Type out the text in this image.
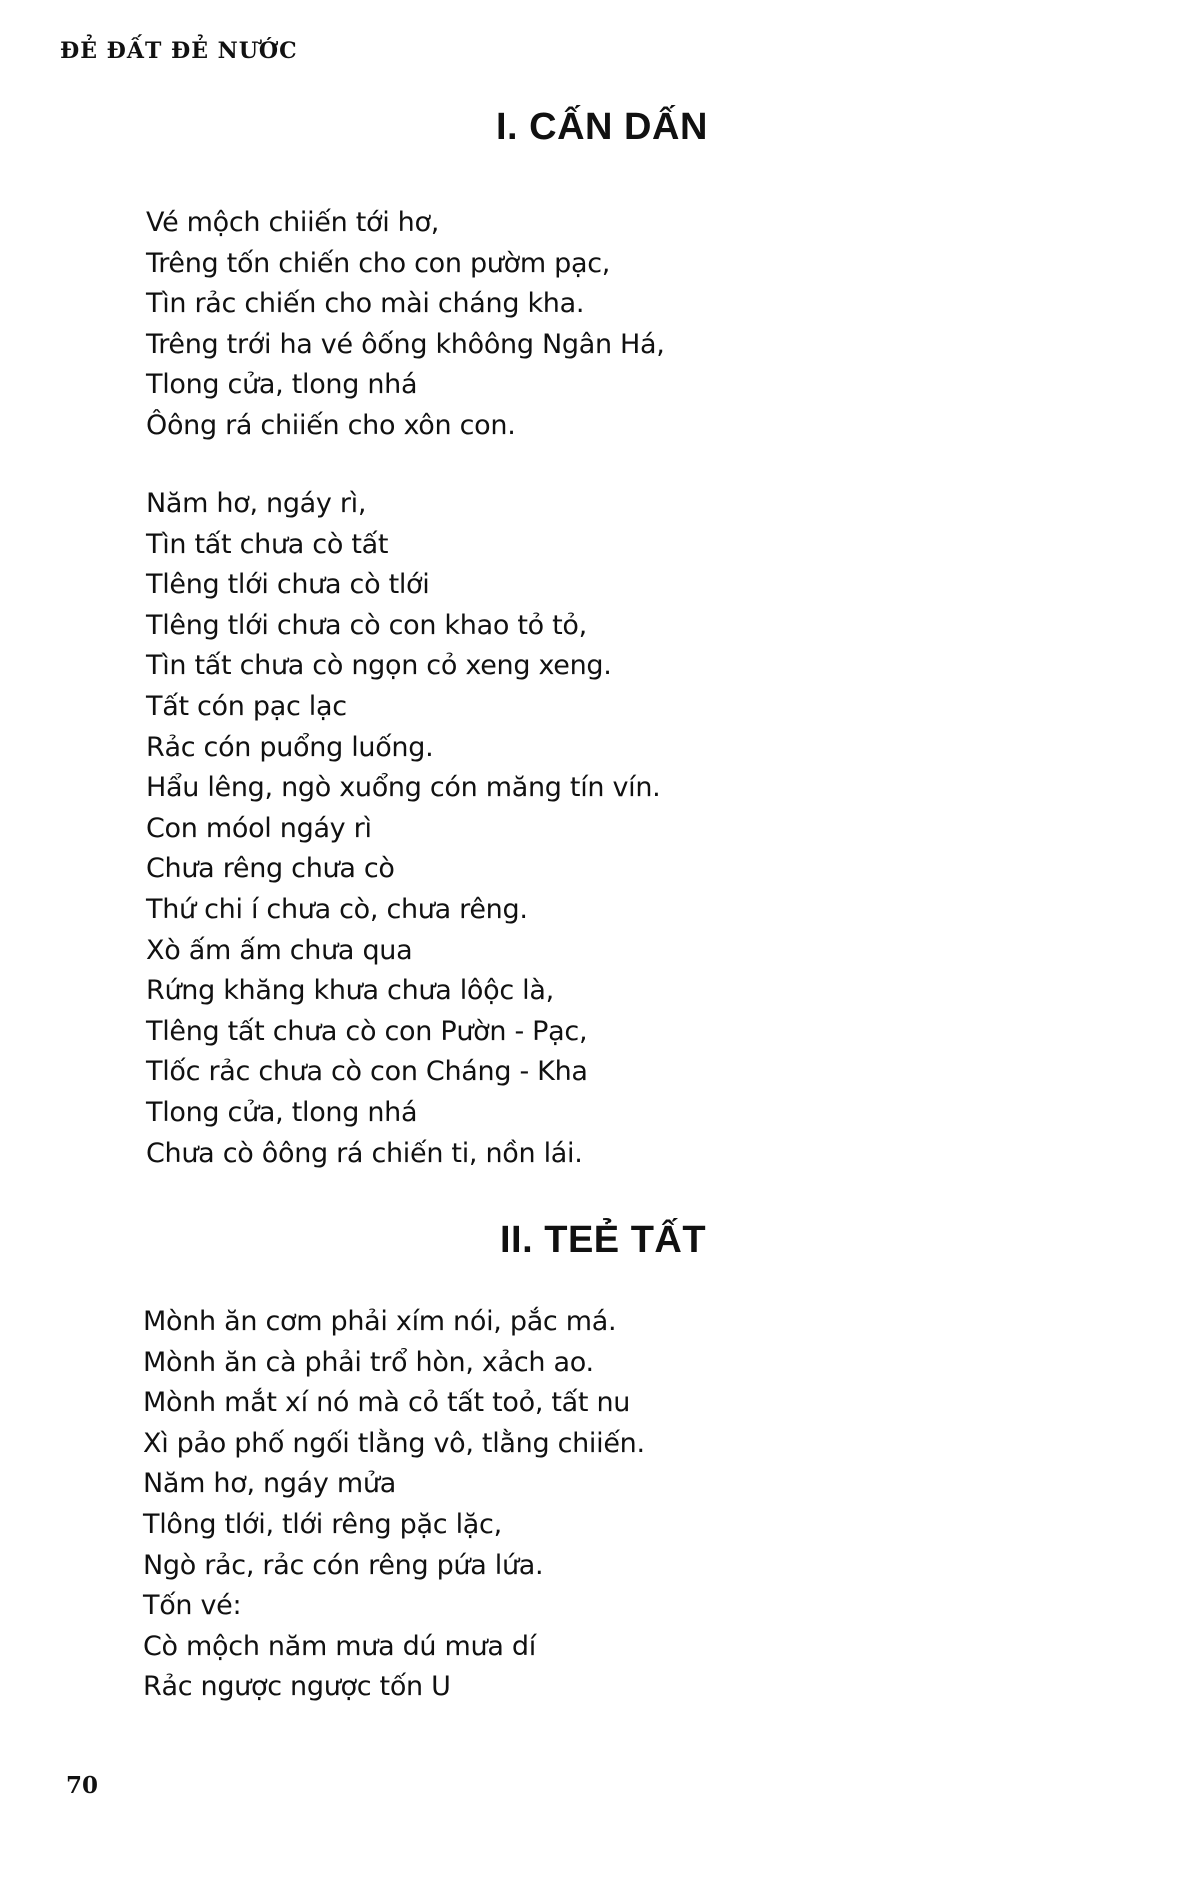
ĐẺ ĐẤT ĐẺ NƯỚC
I. CẤN DẤN
Vé mộch chiiến tới hơ,
Trêng tốn chiến cho con pườm pạc,
Tìn rảc chiến cho mài cháng kha.
Trêng trới ha vé ôống khôông Ngân Há,
Tlong cửa, tlong nhá
Ôông rá chiiến cho xôn con.
Năm hơ, ngáy rì,
Tìn tất chưa cò tất
Tlêng tlới chưa cò tlới
Tlêng tlới chưa cò con khao tỏ tỏ,
Tìn tất chưa cò ngọn cỏ xeng xeng.
Tất cón pạc lạc
Rảc cón puổng luống.
Hẩu lêng, ngò xuổng cón măng tín vín.
Con móol ngáy rì
Chưa rêng chưa cò
Thứ chi í chưa cò, chưa rêng.
Xò ấm ấm chưa qua
Rứng khăng khưa chưa lôộc là,
Tlêng tất chưa cò con Pườn - Pạc,
Tlốc rảc chưa cò con Cháng - Kha
Tlong cửa, tlong nhá
Chưa cò ôông rá chiến ti, nồn lái.
II. TEẺ TẤT
Mònh ăn cơm phải xím nói, pắc má.
Mònh ăn cà phải trổ hòn, xảch ao.
Mònh mắt xí nó mà cỏ tất toỏ, tất nu
Xì pảo phố ngối tlằng vô, tlằng chiiến.
Năm hơ, ngáy mửa
Tlông tlới, tlới rêng pặc lặc,
Ngò rảc, rảc cón rêng pứa lứa.
Tốn vé:
Cò mộch năm mưa dú mưa dí
Rảc ngược ngược tốn U
70
